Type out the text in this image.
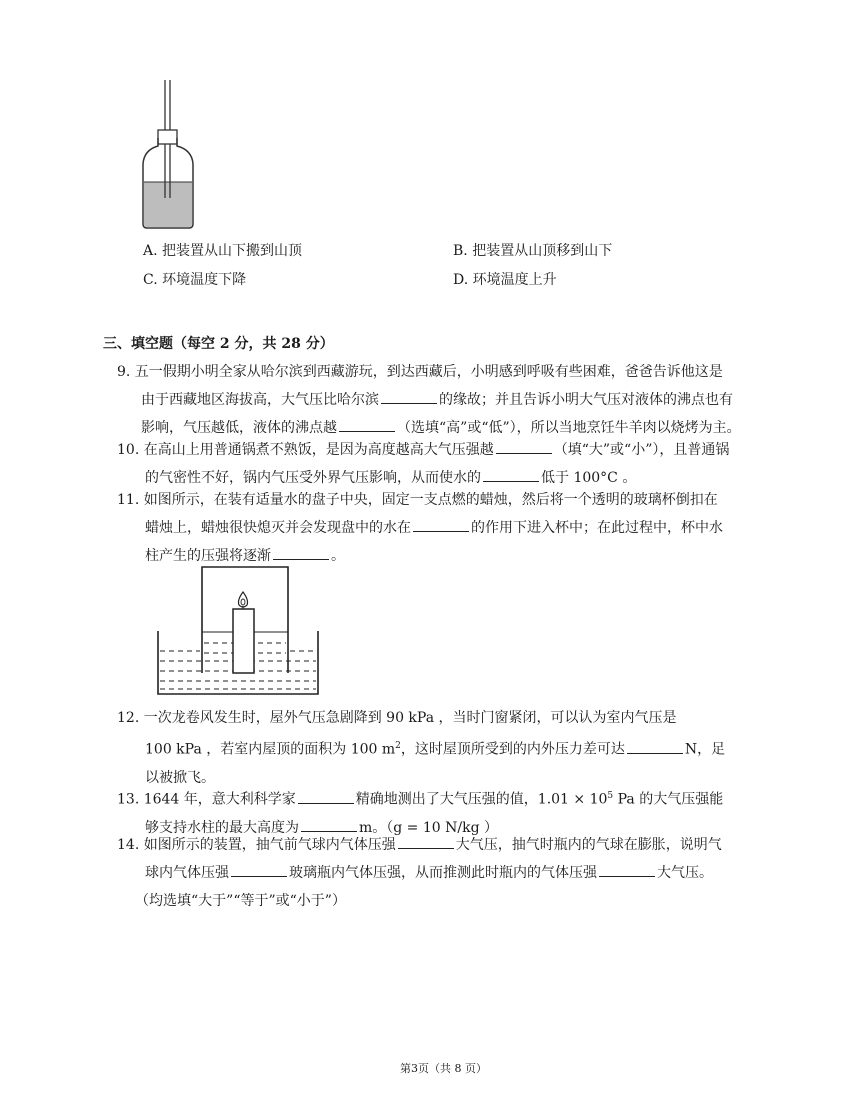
A. 把装置从山下搬到山顶	B. 把装置从山顶移到山下
C. 环境温度下降	D. 环境温度上升
三、填空题（每空 2 分，共 28 分）
9. 五一假期小明全家从哈尔滨到西藏游玩，到达西藏后，小明感到呼吸有些困难，爸爸告诉他这是
由于西藏地区海拔高，大气压比哈尔滨	的缘故；并且告诉小明大气压对液体的沸点也有
影响，气压越低，液体的沸点越	（选填“高”或“低”），所以当地烹饪牛羊肉以烧烤为主。
10. 在高山上用普通锅煮不熟饭，是因为高度越高大气压强越	（填“大”或“小”），且普通锅
的气密性不好，锅内气压受外界气压影响，从而使水的	低于 100°C 。
11. 如图所示，在装有适量水的盘子中央，固定一支点燃的蜡烛，然后将一个透明的玻璃杯倒扣在
蜡烛上，蜡烛很快熄灭并会发现盘中的水在	的作用下进入杯中；在此过程中，杯中水
柱产生的压强将逐渐	。
12. 一次龙卷风发生时，屋外气压急剧降到 90 kPa ，当时门窗紧闭，可以认为室内气压是
100 kPa ，若室内屋顶的面积为 100 $m^2$，这时屋顶所受到的内外压力差可达	N，足
以被掀飞。
13. 1644 年，意大利科学家	精确地测出了大气压强的值，$1.01 \times 10^5$ Pa 的大气压强能
够支持水柱的最大高度为	m。（g = 10 N/kg ）
14. 如图所示的装置，抽气前气球内气体压强	大气压，抽气时瓶内的气球在膨胀，说明气
球内气体压强	玻璃瓶内气体压强，从而推测此时瓶内的气体压强	大气压。
（均选填“大于”“等于”或“小于”）
第3页（共 8 页）
